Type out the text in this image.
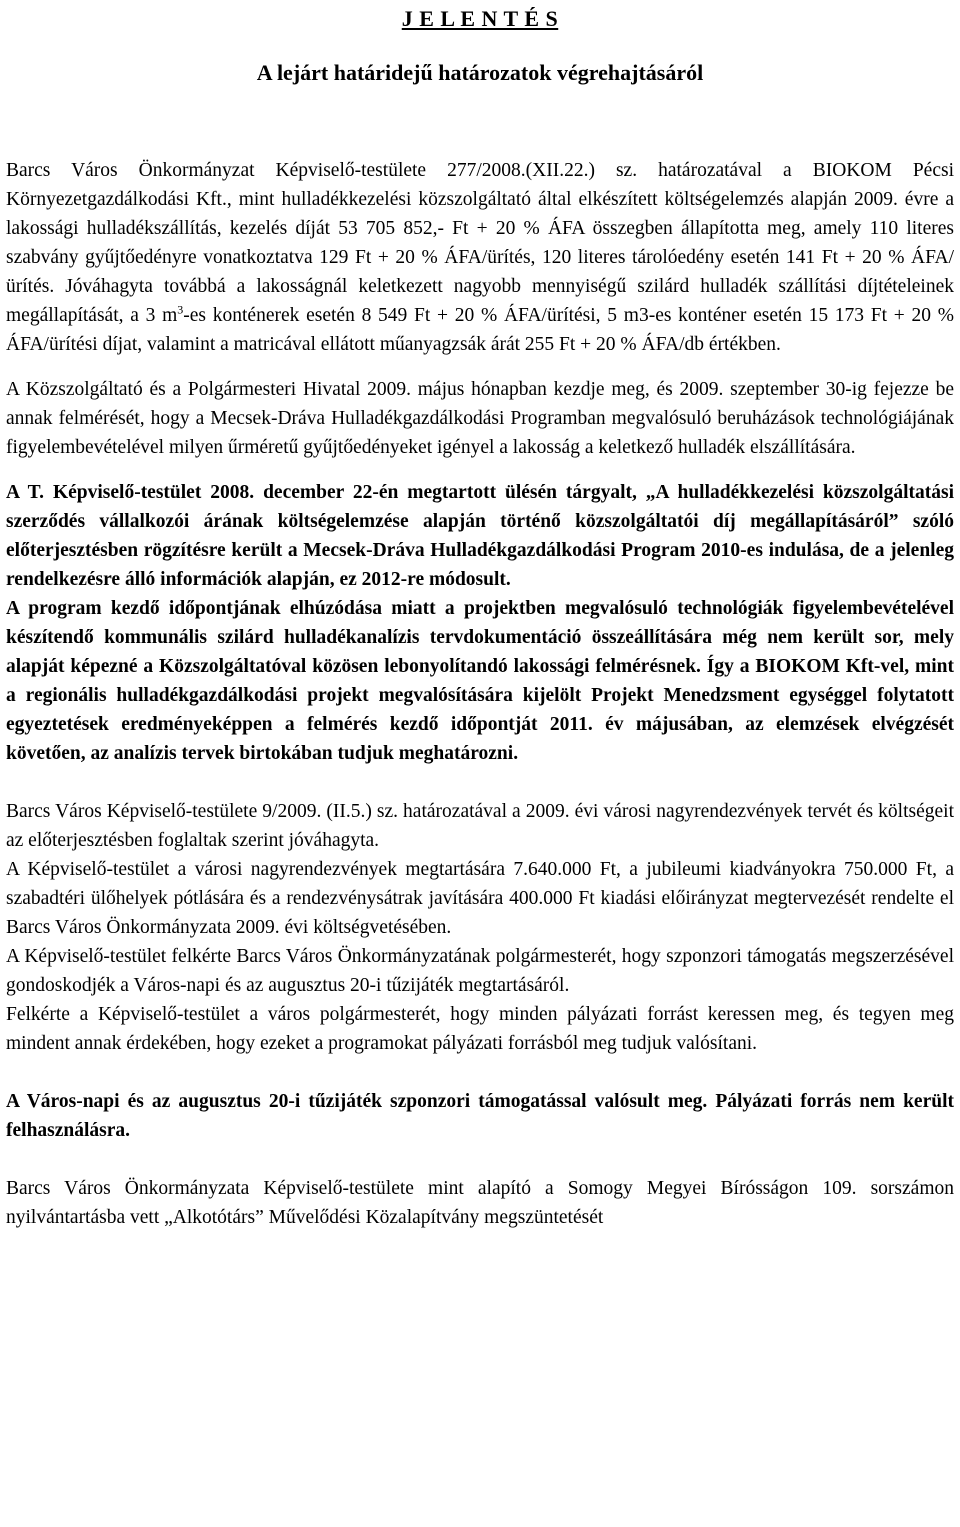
J E L E N T É S
A lejárt határidejű határozatok végrehajtásáról

Barcs Város Önkormányzat Képviselő-testülete 277/2008.(XII.22.) sz. határozatával a BIOKOM Pécsi Környezetgazdálkodási Kft., mint hulladékkezelési közszolgáltató által elkészített költségelemzés alapján 2009. évre a lakossági hulladékszállítás, kezelés díját 53 705 852,- Ft + 20 % ÁFA összegben állapította meg, amely 110 literes szabvány gyűjtőedényre vonatkoztatva 129 Ft + 20 % ÁFA/ürítés, 120 literes tárolóedény esetén 141 Ft + 20 % ÁFA/ürítés. Jóváhagyta továbbá a lakosságnál keletkezett nagyobb mennyiségű szilárd hulladék szállítási díjtételeinek megállapítását, a 3 $m^3-es$ konténerek esetén 8 549 Ft + 20 % ÁFA/ürítési, 5 m3-es konténer esetén 15 173 Ft + 20 % ÁFA/ürítési díjat, valamint a matricával ellátott műanyagzsák árát 255 Ft + 20 % ÁFA/db értékben.

A Közszolgáltató és a Polgármesteri Hivatal 2009. május hónapban kezdje meg, és 2009. szeptember 30-ig fejezze be annak felmérését, hogy a Mecsek-Dráva Hulladékgazdálkodási Programban megvalósuló beruházások technológiájának figyelembevételével milyen űrméretű gyűjtőedényeket igényel a lakosság a keletkező hulladék elszállítására.

A T. Képviselő-testület 2008. december 22-én megtartott ülésén tárgyalt, „A hulladékkezelési közszolgáltatási szerződés vállalkozói árának költségelemzése alapján történő közszolgáltatói díj megállapításáról” szóló előterjesztésben rögzítésre került a Mecsek-Dráva Hulladékgazdálkodási Program 2010-es indulása, de a jelenleg rendelkezésre álló információk alapján, ez 2012-re módosult.

A program kezdő időpontjának elhúzódása miatt a projektben megvalósuló technológiák figyelembevételével készítendő kommunális szilárd hulladékanalízis tervdokumentáció összeállítására még nem került sor, mely alapját képezné a Közszolgáltatóval közösen lebonyolítandó lakossági felmérésnek. Így a BIOKOM Kft-vel, mint a regionális hulladékgazdálkodási projekt megvalósítására kijelölt Projekt Menedzsment egységgel folytatott egyeztetések eredményeképpen a felmérés kezdő időpontját 2011. év májusában, az elemzések elvégzését követően, az analízis tervek birtokában tudjuk meghatározni.

Barcs Város Képviselő-testülete 9/2009. (II.5.) sz. határozatával a 2009. évi városi nagyrendezvények tervét és költségeit az előterjesztésben foglaltak szerint jóváhagyta.

A Képviselő-testület a városi nagyrendezvények megtartására 7.640.000 Ft, a jubileumi kiadványokra 750.000 Ft, a szabadtéri ülőhelyek pótlására és a rendezvénysátrak javítására 400.000 Ft kiadási előirányzat megtervezését rendelte el Barcs Város Önkormányzata 2009. évi költségvetésében.

A Képviselő-testület felkérte Barcs Város Önkormányzatának polgármesterét, hogy szponzori támogatás megszerzésével gondoskodjék a Város-napi és az augusztus 20-i tűzijáték megtartásáról.

Felkérte a Képviselő-testület a város polgármesterét, hogy minden pályázati forrást keressen meg, és tegyen meg mindent annak érdekében, hogy ezeket a programokat pályázati forrásból meg tudjuk valósítani.

A Város-napi és az augusztus 20-i tűzijáték szponzori támogatással valósult meg. Pályázati forrás nem került felhasználásra.

Barcs Város Önkormányzata Képviselő-testülete mint alapító a Somogy Megyei Bírósságon 109. sorszámon nyilvántartásba vett „Alkotótárs” Művelődési Közalapítvány megszüntetését
